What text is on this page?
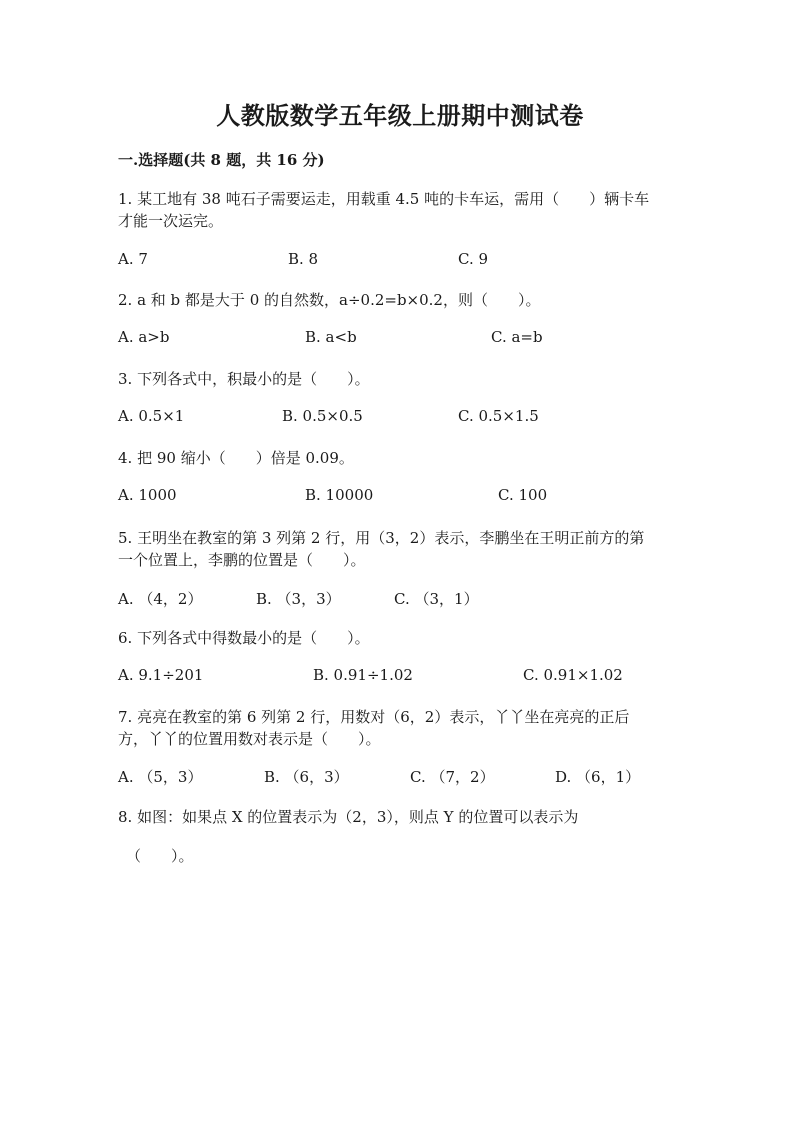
人教版数学五年级上册期中测试卷
一.选择题(共 8 题，共 16 分)
1. 某工地有 38 吨石子需要运走，用载重 4.5 吨的卡车运，需用（　　）辆卡车
才能一次运完。
A. 7	B. 8	C. 9
2. a 和 b 都是大于 0 的自然数，a÷0.2=b×0.2，则（　　）。
A. a>b	B. a<b	C. a=b
3. 下列各式中，积最小的是（　　）。
A. 0.5×1	B. 0.5×0.5	C. 0.5×1.5
4. 把 90 缩小（　　）倍是 0.09。
A. 1000	B. 10000	C. 100
5. 王明坐在教室的第 3 列第 2 行，用（3，2）表示，李鹏坐在王明正前方的第
一个位置上，李鹏的位置是（　　）。
A. （4，2）	B. （3，3）	C. （3，1）
6. 下列各式中得数最小的是（　　）。
A. 9.1÷201	B. 0.91÷1.02	C. 0.91×1.02
7. 亮亮在教室的第 6 列第 2 行，用数对（6，2）表示，丫丫坐在亮亮的正后
方，丫丫的位置用数对表示是（　　）。
A. （5，3）	B. （6，3）	C. （7，2）	D. （6，1）
8. 如图：如果点 X 的位置表示为（2，3），则点 Y 的位置可以表示为
（　　）。
